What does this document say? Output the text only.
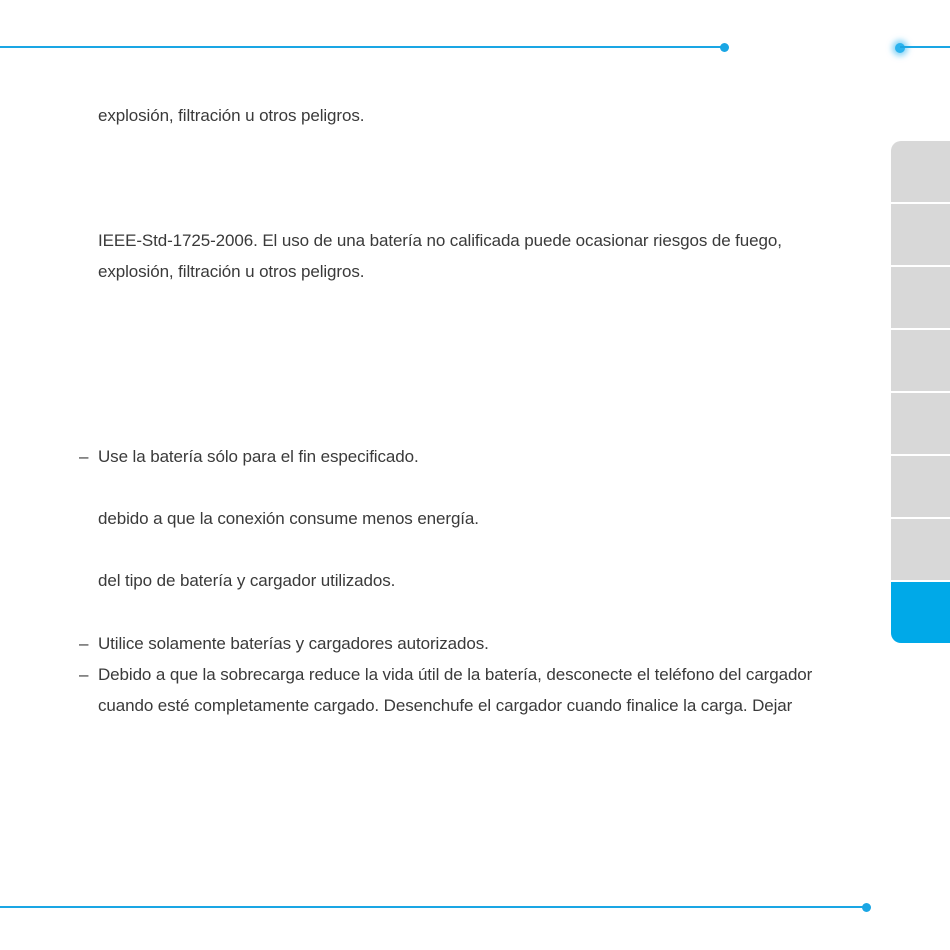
explosión, filtración u otros peligros.
IEEE-Std-1725-2006. El uso de una batería no calificada puede ocasionar riesgos de fuego,
explosión, filtración u otros peligros.
– Use la batería sólo para el fin especificado.
debido a que la conexión consume menos energía.
del tipo de batería y cargador utilizados.
– Utilice solamente baterías y cargadores autorizados.
– Debido a que la sobrecarga reduce la vida útil de la batería, desconecte el teléfono del cargador
cuando esté completamente cargado. Desenchufe el cargador cuando finalice la carga. Dejar
